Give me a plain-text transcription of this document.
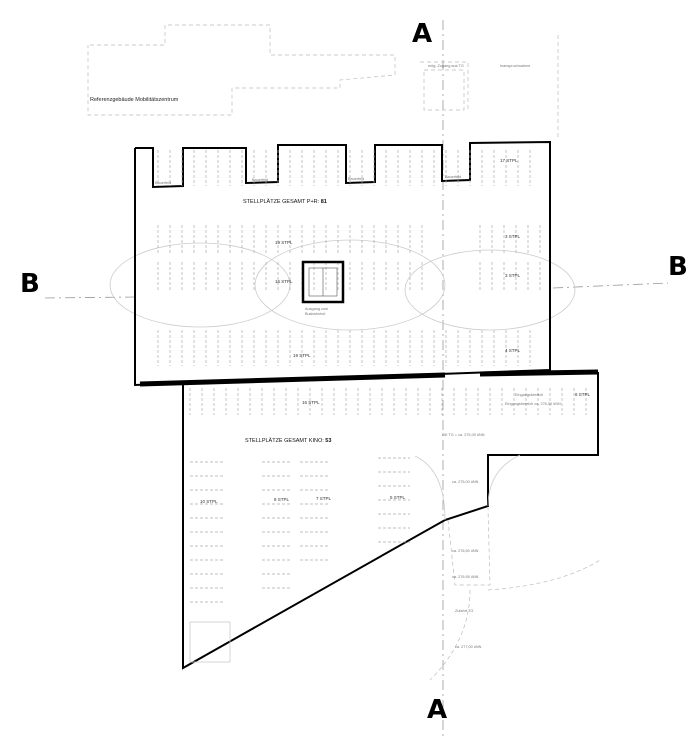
A
A
B
B
Referenzgebäude Mobilitätszentrum
mög. Zugang aus TG	Inanspruchnahme
Ausgang zum
Busbahnhof
Bauerfeld
Bauerfeld	Bauerfeld	Bauerfeld
STELLPLÄTZE GESAMT P+R: 81
STELLPLÄTZE GESAMT KINO: 53
17 STPL
19 STPL
16 STPL
3 STPL
3 STPL
19 STPL
4 STPL
16 STPL
6 STPL
10 STPL	8 STPL	7 STPL	5 STPL
OK TG = ca. 275,00 üNN
Eingangsbereich
Eingangsbereich ca. 276,00 üNN
ca. 275,00 üNN
ca. 276,50 üNN
ca. 276,95 üNN
Zufahrt TG
ca. 277,00 üNN
